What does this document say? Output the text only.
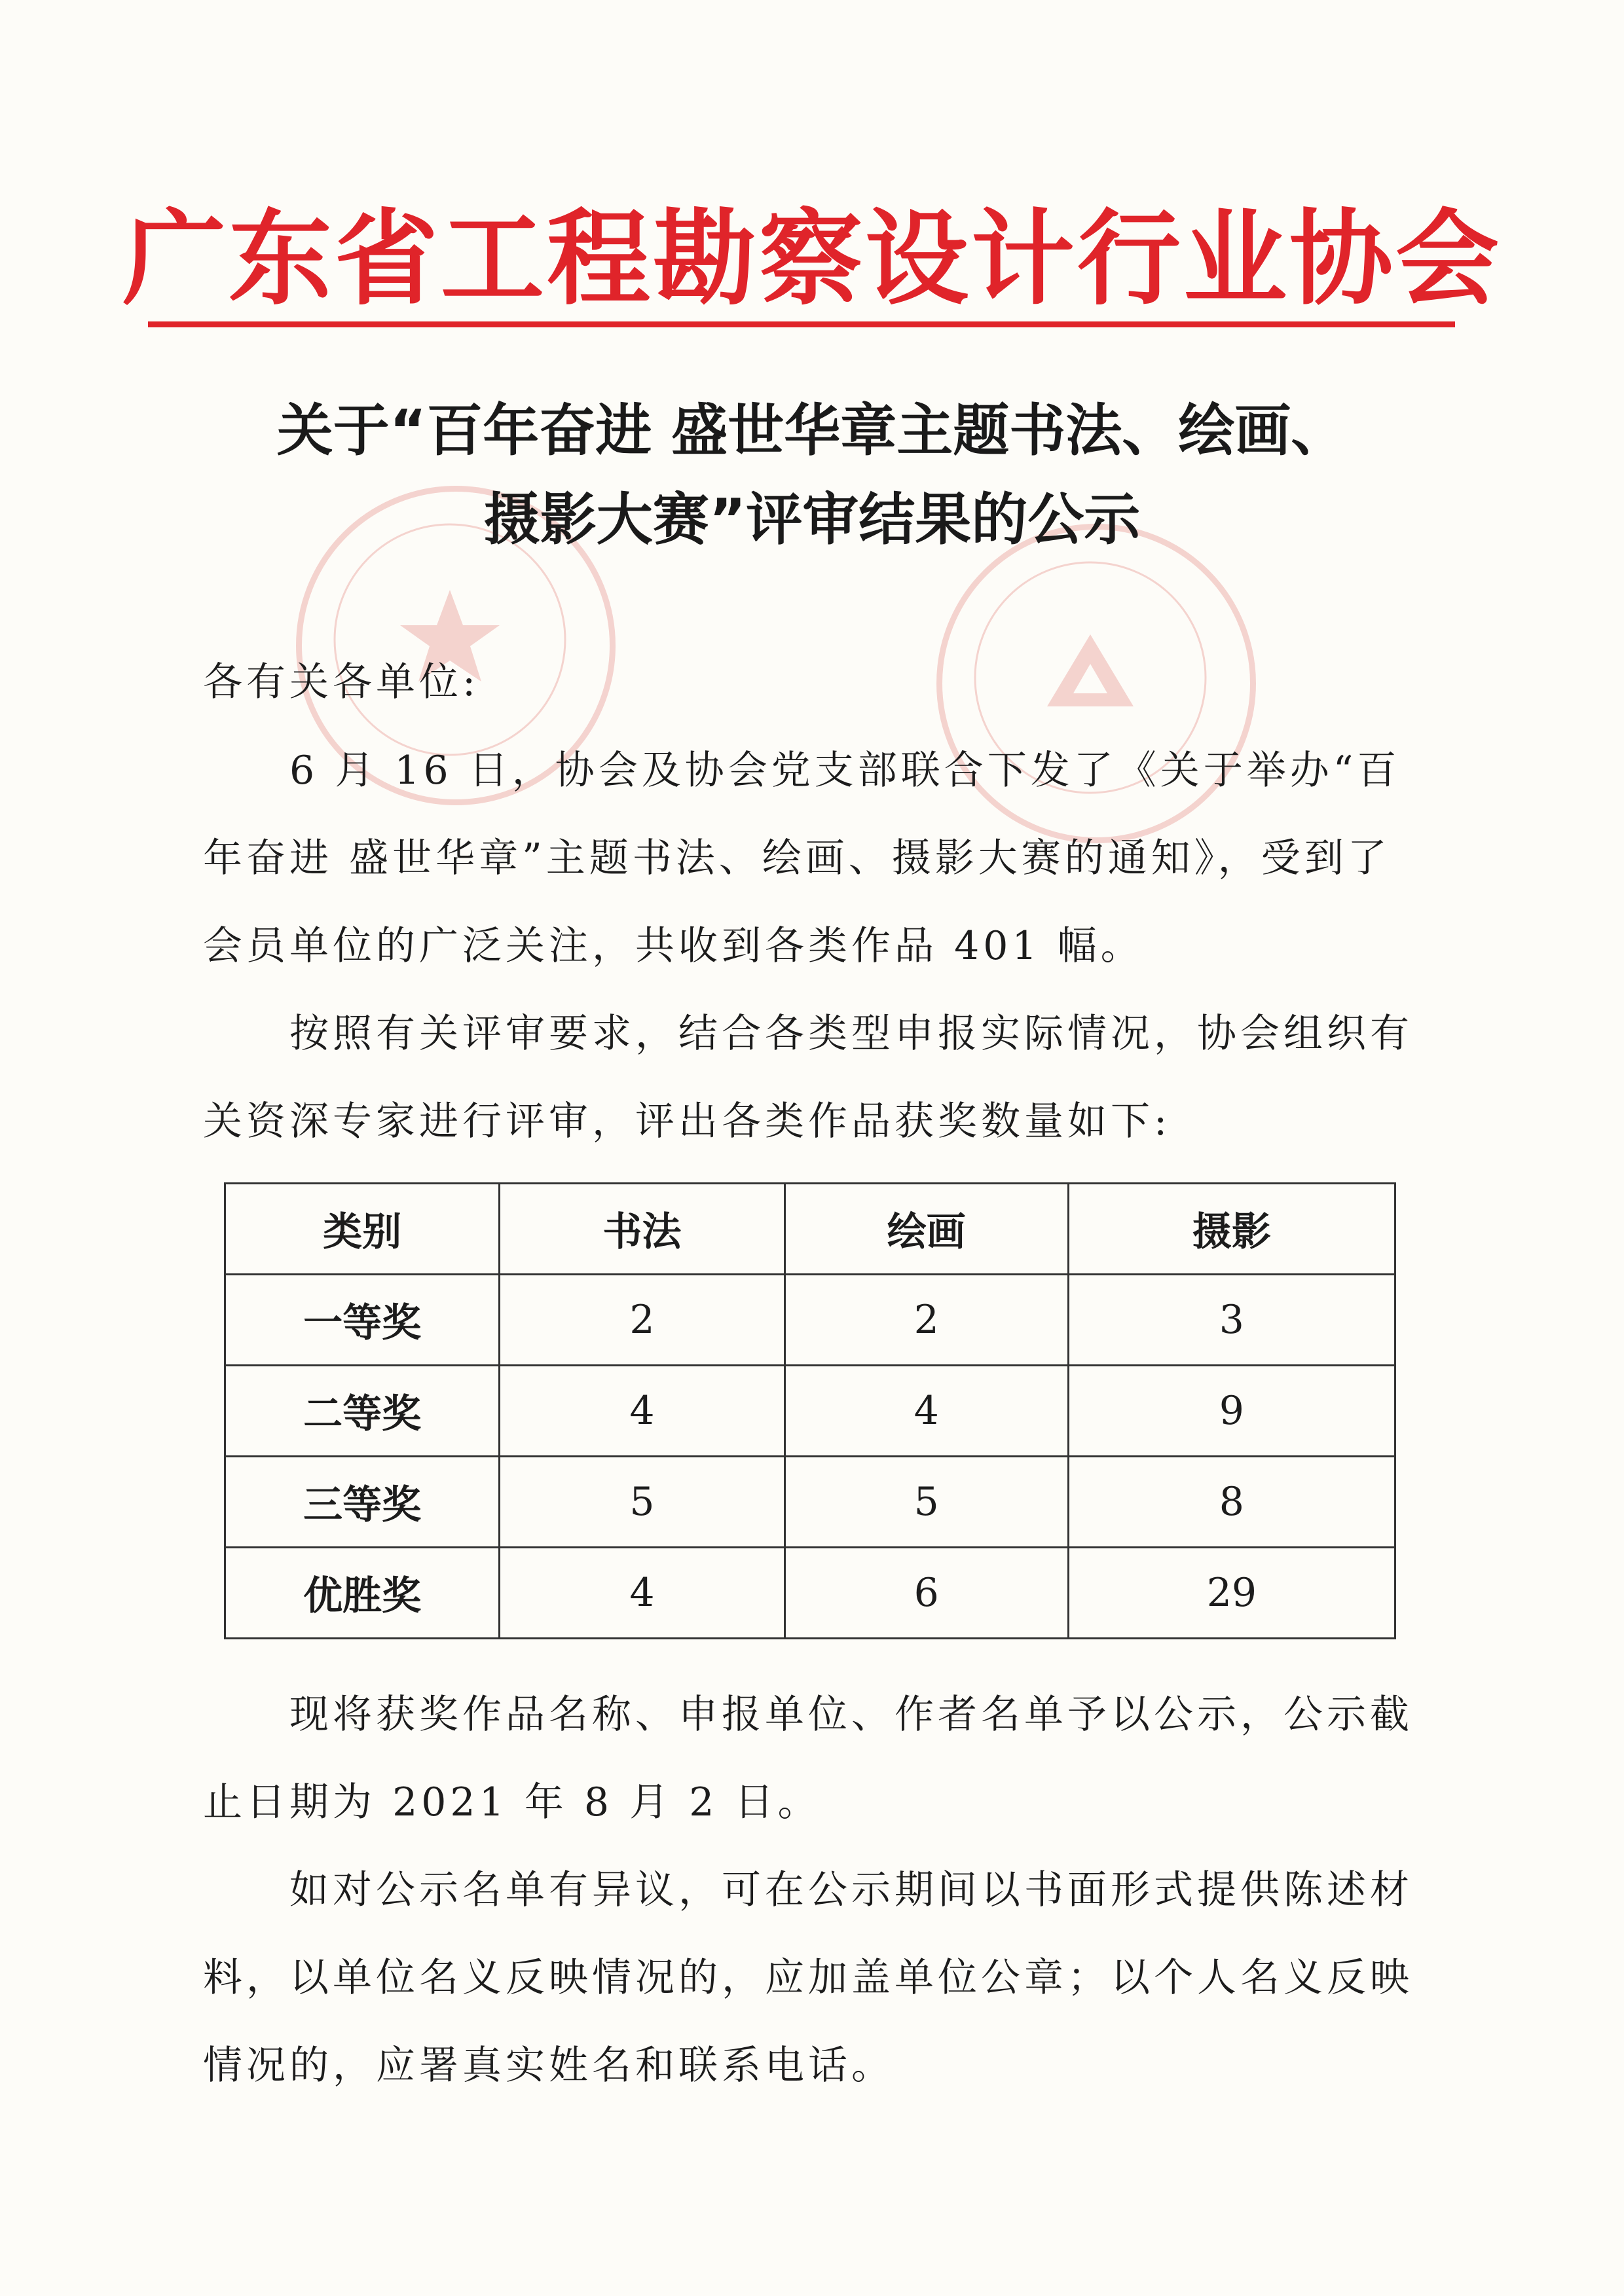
广东省工程勘察设计行业协会
关于“百年奋进 盛世华章主题书法、绘画、
摄影大赛”评审结果的公示
各有关各单位:

6 月 16 日，协会及协会党支部联合下发了《关于举办“百年奋进 盛世华章”主题书法、绘画、摄影大赛的通知》，受到了会员单位的广泛关注，共收到各类作品 401 幅。

按照有关评审要求，结合各类型申报实际情况，协会组织有关资深专家进行评审，评出各类作品获奖数量如下:

类别	书法	绘画	摄影
一等奖	2	2	3
二等奖	4	4	9
三等奖	5	5	8
优胜奖	4	6	29

现将获奖作品名称、申报单位、作者名单予以公示，公示截止日期为 2021 年 8 月 2 日。

如对公示名单有异议，可在公示期间以书面形式提供陈述材料，以单位名义反映情况的，应加盖单位公章；以个人名义反映情况的，应署真实姓名和联系电话。
